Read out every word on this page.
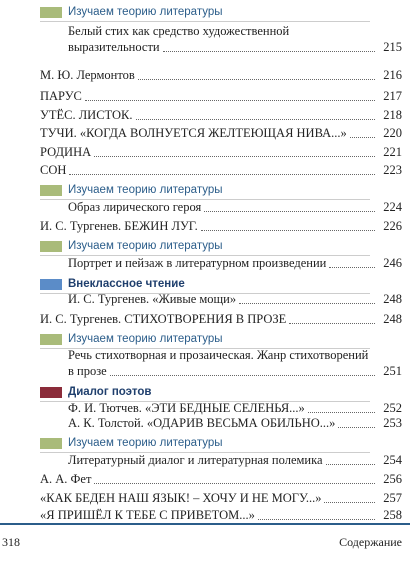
Изучаем теорию литературы
Белый стих как средство художественной
выразительности	215
М. Ю. Лермонтов	216
ПАРУС	217
УТЁС. ЛИСТОК.	218
ТУЧИ. «КОГДА ВОЛНУЕТСЯ ЖЕЛТЕЮЩАЯ НИВА...»	220
РОДИНА	221
СОН	223
Изучаем теорию литературы
Образ лирического героя	224
И. С. Тургенев. БЕЖИН ЛУГ.	226
Изучаем теорию литературы
Портрет и пейзаж в литературном произведении	246
Внеклассное чтение
И. С. Тургенев. «Живые мощи»	248
И. С. Тургенев. СТИХОТВОРЕНИЯ В ПРОЗЕ	248
Изучаем теорию литературы
Речь стихотворная и прозаическая. Жанр стихотворений
в прозе	251
Диалог поэтов
Ф. И. Тютчев. «ЭТИ БЕДНЫЕ СЕЛЕНЬЯ...»	252
А. К. Толстой. «ОДАРИВ ВЕСЬМА ОБИЛЬНО...»	253
Изучаем теорию литературы
Литературный диалог и литературная полемика	254
А. А. Фет	256
«КАК БЕДЕН НАШ ЯЗЫК! – ХОЧУ И НЕ МОГУ...»	257
«Я ПРИШЁЛ К ТЕБЕ С ПРИВЕТОМ...»	258
318	Содержание
